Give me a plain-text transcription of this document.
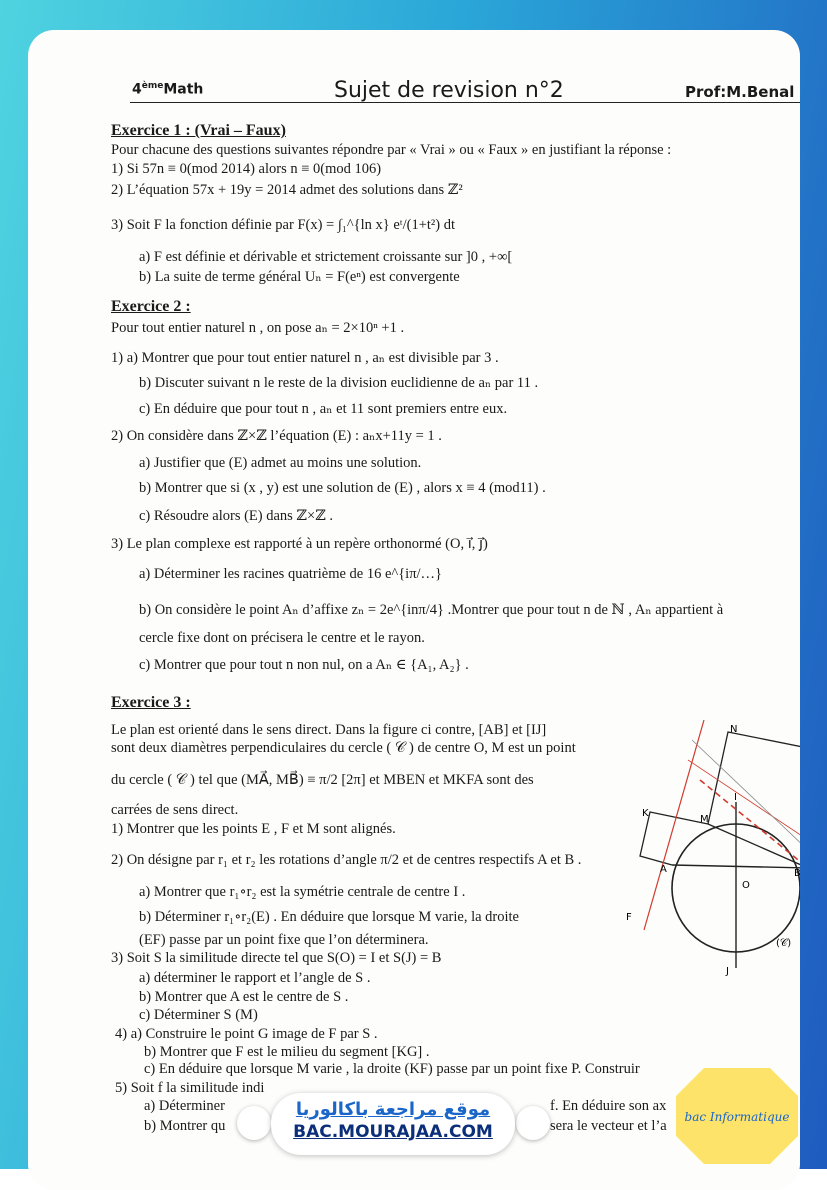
4èmeMath	Sujet de revision n°2	Prof:M.Benal
Exercice 1 : (Vrai – Faux)
Pour chacune des questions suivantes répondre par « Vrai » ou « Faux » en justifiant la réponse :
1) Si 57n ≡ 0(mod 2014) alors n ≡ 0(mod 106)
2) L’équation 57x + 19y = 2014 admet des solutions dans ℤ²
3) Soit F la fonction définie par F(x) = ∫₁^{ln x} eᵗ/(1+t²) dt
a) F est définie et dérivable et strictement croissante sur ]0 , +∞[
b) La suite de terme général Uₙ = F(eⁿ) est convergente
Exercice 2 :
Pour tout entier naturel n , on pose aₙ = 2×10ⁿ +1 .
1) a) Montrer que pour tout entier naturel n , aₙ est divisible par 3 .
b) Discuter suivant n le reste de la division euclidienne de aₙ par 11 .
c) En déduire que pour tout n , aₙ et 11 sont premiers entre eux.
2) On considère dans ℤ×ℤ l’équation (E) : aₙx+11y = 1 .
a) Justifier que (E) admet au moins une solution.
b) Montrer que si (x , y) est une solution de (E) , alors x ≡ 4 (mod11) .
c) Résoudre alors (E) dans ℤ×ℤ .
3) Le plan complexe est rapporté à un repère orthonormé (O, i⃗, j⃗)
a) Déterminer les racines quatrième de 16 e^{iπ/…}
b) On considère le point Aₙ d’affixe zₙ = 2e^{inπ/4} .Montrer que pour tout n de ℕ , Aₙ appartient à
cercle fixe dont on précisera le centre et le rayon.
c) Montrer que pour tout n non nul, on a Aₙ ∈ {A₁, A₂} .
Exercice 3 :
Le plan est orienté dans le sens direct. Dans la figure ci contre, [AB] et [IJ]
sont deux diamètres perpendiculaires du cercle ( 𝒞 ) de centre O, M est un point
du cercle ( 𝒞 ) tel que (MA⃗, MB⃗) ≡ π/2 [2π] et MBEN et MKFA sont des
carrées de sens direct.
1) Montrer que les points E , F et M sont alignés.
2) On désigne par r₁ et r₂ les rotations d’angle π/2 et de centres respectifs A et B .
a) Montrer que r₁∘r₂ est la symétrie centrale de centre I .
b) Déterminer r₁∘r₂(E) . En déduire que lorsque M varie, la droite
(EF) passe par un point fixe que l’on déterminera.
3) Soit S la similitude directe tel que S(O) = I et S(J) = B
a) déterminer le rapport et l’angle de S .
b) Montrer que A est le centre de S .
c) Déterminer S (M)
4) a) Construire le point G image de F par S .
b) Montrer que F est le milieu du segment [KG] .
c) En déduire que lorsque M varie , la droite (KF) passe par un point fixe P. Construir
5) Soit f la similitude indi
a) Déterminer	f. En déduire son ax
b) Montrer qu	sera le vecteur et l’a
N
I
M
K
A
O
B
J
(𝒞)
F
موقع مراجعة باكالوريا
BAC.MOURAJAA.COM
bac Informatique
